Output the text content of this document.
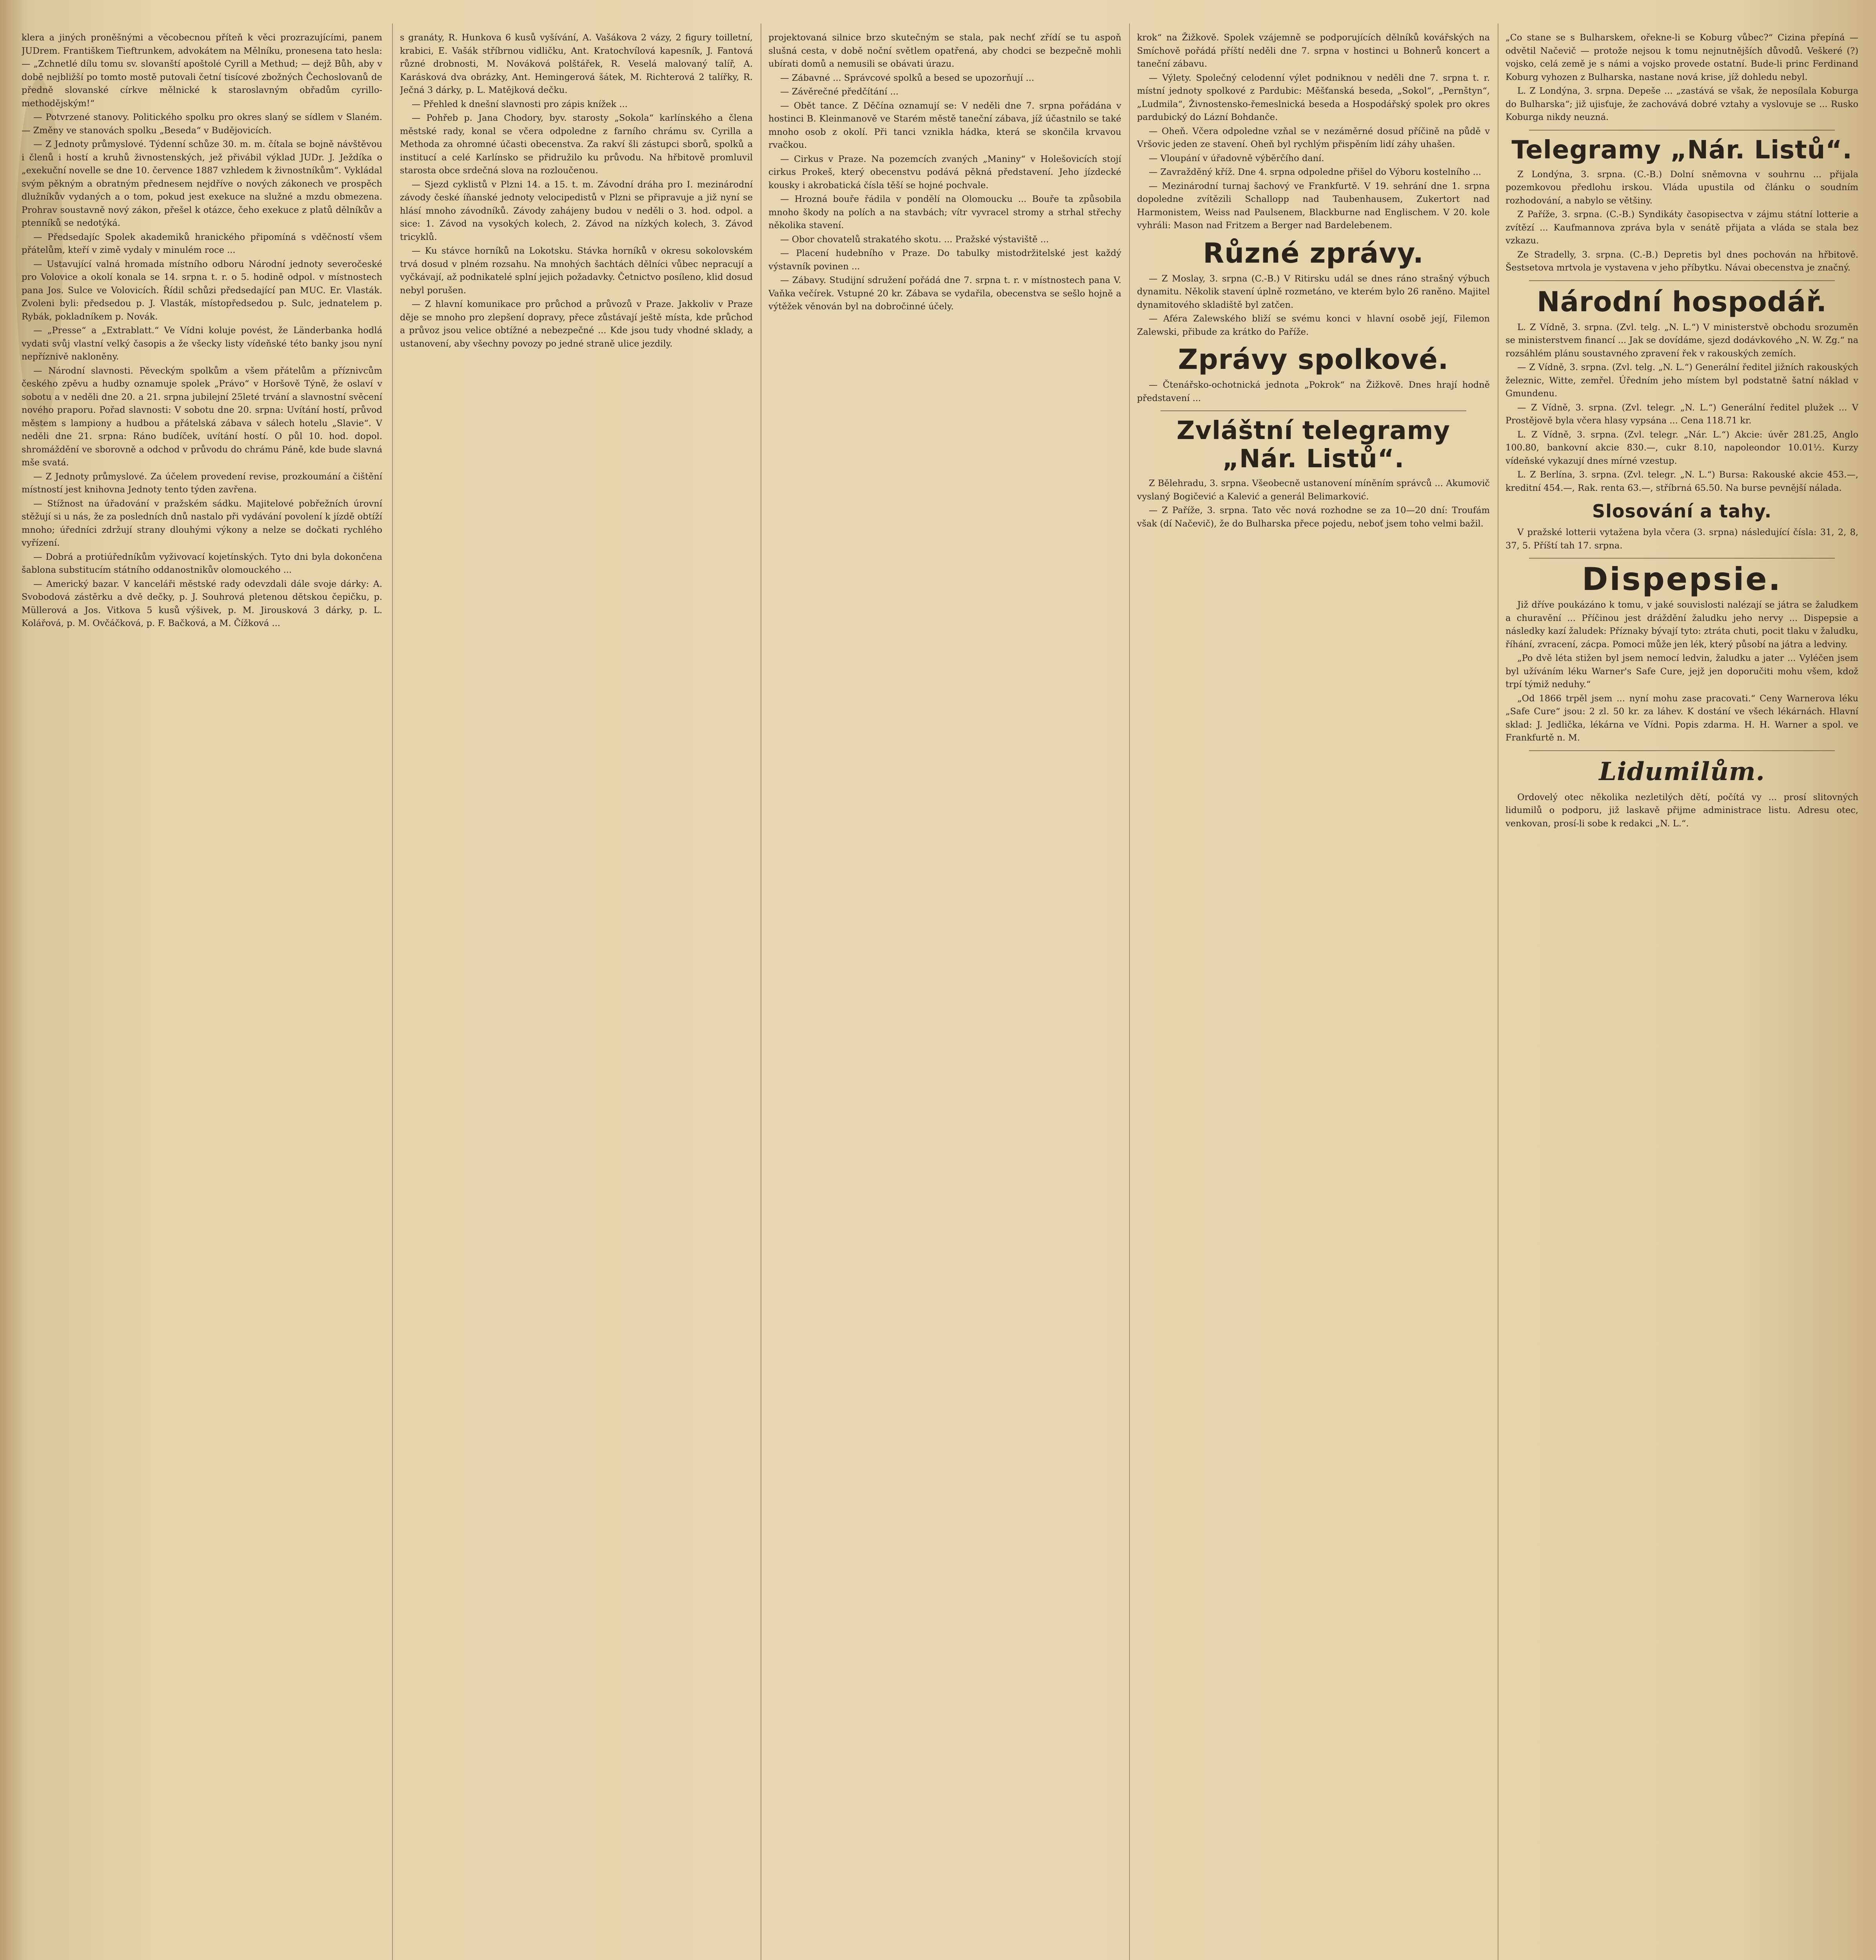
klera a jiných proněšnými a věcobecnou příteň k věci prozrazujícími, panem JUDrem. Františkem Tieftrunkem, advokátem na Mělníku, pronesena tato hesla: — „Zchnetlé dílu tomu sv. slovanští apoštolé Cyrill a Methud; — dejž Bůh, aby v době nejbližší po tomto mostě putovali četní tisícové zbožných Čechoslovanů de předně slovanské církve mělnické k staroslavným obřadům cyrillo-methodějským!“

— Potvrzené stanovy. Politického spolku pro okres slaný se sídlem v Slaném. — Změny ve stanovách spolku „Beseda“ v Budějovicích.

— Z Jednoty průmyslové. Týdenní schůze 30. m. m. čítala se bojně návštěvou i členů i hostí a kruhů živnostenských, jež přivábil výklad JUDr. J. Ježdíka o „exekuční novelle se dne 10. července 1887 vzhledem k živnostníkům“. Vykládal svým pěkným a obratným přednesem nejdříve o nových zákonech ve prospěch dlužníkův vydaných a o tom, pokud jest exekuce na služné a mzdu obmezena. Prohrav soustavně nový zákon, přešel k otázce, čeho exekuce z platů dělníkův a ptenníků se nedotýká.

— Předsedajíc Spolek akademiků hranického připomíná s vděčností všem přátelům, kteří v zimě vydaly v minulém roce ...

— Ustavující valná hromada místního odboru Národní jednoty severočeské pro Volovice a okolí konala se 14. srpna t. r. o 5. hodině odpol. v místnostech pana Jos. Sulce ve Volovicích. Řídil schůzi předsedající pan MUC. Er. Vlasták. Zvoleni byli: předsedou p. J. Vlasták, místopředsedou p. Sulc, jednatelem p. Rybák, pokladníkem p. Novák.

— „Presse“ a „Extrablatt.“ Ve Vídni koluje povést, že Länderbanka hodlá vydati svůj vlastní velký časopis a že všecky listy vídeňské této banky jsou nyní nepříznivě nakloněny.

— Národní slavnosti. Pěveckým spolkům a všem přátelům a příznivcům českého zpěvu a hudby oznamuje spolek „Právo“ v Horšově Týně, že oslaví v sobotu a v neděli dne 20. a 21. srpna jubilejní 25leté trvání a slavnostní svěcení nového praporu. Pořad slavnosti: V sobotu dne 20. srpna: Uvítání hostí, průvod městem s lampiony a hudbou a přátelská zábava v sálech hotelu „Slavie“. V neděli dne 21. srpna: Ráno budíček, uvítání hostí. O půl 10. hod. dopol. shromáždění ve sborovně a odchod v průvodu do chrámu Páně, kde bude slavná mše svatá.

— Z Jednoty průmyslové. Za účelem provedení revise, prozkoumání a čištění místností jest knihovna Jednoty tento týden zavřena.

— Stížnost na úřadování v pražském sádku. Majitelové pobřežních úrovní stěžují si u nás, že za posledních dnů nastalo při vydávání povolení k jízdě obtíží mnoho; úředníci zdržují strany dlouhými výkony a nelze se dočkati rychlého vyřízení.

— Dobrá a protiúředníkům vyživovací kojetínských. Tyto dni byla dokončena šablona substitucím státního oddanostnikův olomouckého ...

— Americký bazar. V kanceláři městské rady odevzdali dále svoje dárky: A. Svobodová zástěrku a dvě dečky, p. J. Souhrová pletenou dětskou čepičku, p. Müllerová a Jos. Vitkova 5 kusů výšivek, p. M. Jirousková 3 dárky, p. L. Kolářová, p. M. Ovčáčková, p. F. Bačková, a M. Čížková ...

s granáty, R. Hunkova 6 kusů vyšívání, A. Vašákova 2 vázy, 2 figury toilletní, krabici, E. Vašák stříbrnou vidličku, Ant. Kratochvílová kapesník, J. Fantová různé drobnosti, M. Nováková polštářek, R. Veselá malovaný talíř, A. Karásková dva obrázky, Ant. Hemingerová šátek, M. Richterová 2 talířky, R. Ječná 3 dárky, p. L. Matějková dečku.

— Přehled k dnešní slavnosti pro zápis knížek ...

— Pohřeb p. Jana Chodory, byv. starosty „Sokola“ karlínského a člena městské rady, konal se včera odpoledne z farního chrámu sv. Cyrilla a Methoda za ohromné účasti obecenstva. Za rakví šli zástupci sborů, spolků a institucí a celé Karlínsko se přidružilo ku průvodu. Na hřbitově promluvil starosta obce srdečná slova na rozloučenou.

— Sjezd cyklistů v Plzni 14. a 15. t. m. Závodní dráha pro I. mezinárodní závody české íňanské jednoty velocipedistů v Plzni se připravuje a již nyní se hlásí mnoho závodníků. Závody zahájeny budou v neděli o 3. hod. odpol. a sice: 1. Závod na vysokých kolech, 2. Závod na nízkých kolech, 3. Závod tricyklů.

— Ku stávce horníků na Lokotsku. Stávka horníků v okresu sokolovském trvá dosud v plném rozsahu. Na mnohých šachtách dělníci vůbec nepracují a vyčkávají, až podnikatelé splní jejich požadavky. Četnictvo posíleno, klid dosud nebyl porušen.

— Z hlavní komunikace pro průchod a průvozů v Praze. Jakkoliv v Praze děje se mnoho pro zlepšení dopravy, přece zůstávají ještě místa, kde průchod a průvoz jsou velice obtížné a nebezpečné ... Kde jsou tudy vhodné sklady, a ustanovení, aby všechny povozy po jedné straně ulice jezdily.

projektovaná silnice brzo skutečným se stala, pak nechť zřídí se tu aspoň slušná cesta, v době noční světlem opatřená, aby chodci se bezpečně mohli ubírati domů a nemusili se obávati úrazu.

— Zábavné ... Správcové spolků a besed se upozorňují ...

— Závěrečné předčítání ...

— Obět tance. Z Děčína oznamují se: V neděli dne 7. srpna pořádána v hostinci B. Kleinmanově ve Starém městě taneční zábava, jíž účastnilo se také mnoho osob z okolí. Při tanci vznikla hádka, která se skončila krvavou rvačkou.

— Cirkus v Praze. Na pozemcích zvaných „Maniny“ v Holešovicích stojí cirkus Prokeš, který obecenstvu podává pěkná představení. Jeho jízdecké kousky i akrobatická čísla těší se hojné pochvale.

— Hrozná bouře řádila v pondělí na Olomoucku ... Bouře ta způsobila mnoho škody na polích a na stavbách; vítr vyvracel stromy a strhal střechy několika stavení.

— Obor chovatelů strakatého skotu. ... Pražské výstaviště ...

— Placení hudebního v Praze. Do tabulky mistodržitelské jest každý výstavník povinen ...

— Zábavy. Studijní sdružení pořádá dne 7. srpna t. r. v místnostech pana V. Vaňka večírek. Vstupné 20 kr. Zábava se vydařila, obecenstva se sešlo hojně a výtěžek věnován byl na dobročinné účely.

krok“ na Žižkově. Spolek vzájemně se podporujících dělníků kovářských na Smíchově pořádá příští neděli dne 7. srpna v hostinci u Bohnerů koncert a taneční zábavu.

— Výlety. Společný celodenní výlet podniknou v neděli dne 7. srpna t. r. místní jednoty spolkové z Pardubic: Měšťanská beseda, „Sokol“, „Pernštyn“, „Ludmila“, Živnostensko-řemeslnická beseda a Hospodářský spolek pro okres pardubický do Lázní Bohdanče.

— Oheň. Včera odpoledne vzňal se v nezáměrné dosud příčině na půdě v Vršovic jeden ze stavení. Oheň byl rychlým přispěním lidí záhy uhašen.

— Vloupání v úřadovně výběrčího daní.

— Zavražděný kříž. Dne 4. srpna odpoledne přišel do Výboru kostelního ...

— Mezinárodní turnaj šachový ve Frankfurtě. V 19. sehrání dne 1. srpna dopoledne zvítězili Schallopp nad Taubenhausem, Zukertort nad Harmonistem, Weiss nad Paulsenem, Blackburne nad Englischem. V 20. kole vyhráli: Mason nad Fritzem a Berger nad Bardelebenem.

Různé zprávy.

— Z Moslay, 3. srpna (C.-B.) V Ritirsku udál se dnes ráno strašný výbuch dynamitu. Několik stavení úplně rozmetáno, ve kterém bylo 26 raněno. Majitel dynamitového skladiště byl zatčen.

— Aféra Zalewského bliží se svému konci v hlavní osobě její, Filemon Zalewski, přibude za krátko do Paříže.

Zprávy spolkové.

— Čtenářsko-ochotnická jednota „Pokrok“ na Žižkově. Dnes hrají hodně představení ...

Zvláštní telegramy „Nár. Listů“.

Z Bělehradu, 3. srpna. Všeobecně ustanovení míněním správců ... Akumovič vyslaný Bogičević a Kalević a generál Belimarković.

— Z Paříže, 3. srpna. Tato věc nová rozhodne se za 10—20 dní: Troufám však (dí Načevič), že do Bulharska přece pojedu, neboť jsem toho velmi bažil.

„Co stane se s Bulharskem, ořekne-li se Koburg vůbec?“ Cizina přepíná — odvětil Načevič — protože nejsou k tomu nejnutnějších důvodů. Veškeré (?) vojsko, celá země je s námi a vojsko provede ostatní. Bude-li princ Ferdinand Koburg vyhozen z Bulharska, nastane nová krise, jíž dohledu nebyl.

L. Z Londýna, 3. srpna. Depeše ... „zastává se však, že neposílala Koburga do Bulharska“; již ujisťuje, že zachovává dobré vztahy a vyslovuje se ... Rusko Koburga nikdy neuzná.

Telegramy „Nár. Listů“.

Z Londýna, 3. srpna. (C.-B.) Dolní sněmovna v souhrnu ... přijala pozemkovou předlohu irskou. Vláda upustila od článku o soudním rozhodování, a nabylo se většiny.

Z Paříže, 3. srpna. (C.-B.) Syndikáty časopisectva v zájmu státní lotterie a zvítězí ... Kaufmannova zpráva byla v senátě přijata a vláda se stala bez vzkazu.

Ze Stradelly, 3. srpna. (C.-B.) Depretis byl dnes pochován na hřbitově. Šestsetova mrtvola je vystavena v jeho příbytku. Návai obecenstva je značný.

Národní hospodář.

L. Z Vídně, 3. srpna. (Zvl. telg. „N. L.“) V ministerstvě obchodu srozuměn se ministerstvem financí ... Jak se dovídáme, sjezd dodávkového „N. W. Zg.“ na rozsáhlém plánu soustavného zpravení řek v rakouských zemích.

— Z Vídně, 3. srpna. (Zvl. telg. „N. L.“) Generální ředitel jižních rakouských železnic, Witte, zemřel. Úředním jeho místem byl podstatně šatní náklad v Gmundenu.

— Z Vídně, 3. srpna. (Zvl. telegr. „N. L.“) Generální ředitel plužek ... V Prostějově byla včera hlasy vypsána ... Cena 118.71 kr.

L. Z Vídně, 3. srpna. (Zvl. telegr. „Nár. L.“) Akcie: úvěr 281.25, Anglo 100.80, bankovní akcie 830.—, cukr 8.10, napoleondor 10.01½. Kurzy vídeňské vykazují dnes mírné vzestup.

L. Z Berlína, 3. srpna. (Zvl. telegr. „N. L.“) Bursa: Rakouské akcie 453.—, kreditní 454.—, Rak. renta 63.—, stříbrná 65.50. Na burse pevnější nálada.

Slosování a tahy.

V pražské lotterii vytažena byla včera (3. srpna) následující čísla: 31, 2, 8, 37, 5. Příští tah 17. srpna.

Dispepsie.

Již dříve poukázáno k tomu, v jaké souvislosti nalézají se játra se žaludkem a churavění ... Příčinou jest dráždění žaludku jeho nervy ... Dispepsie a následky kazí žaludek: Příznaky bývají tyto: ztráta chuti, pocit tlaku v žaludku, říhání, zvracení, zácpa. Pomoci může jen lék, který působí na játra a ledviny.

„Po dvě léta stižen byl jsem nemocí ledvin, žaludku a jater ... Vyléčen jsem byl užíváním léku Warner's Safe Cure, jejž jen doporučiti mohu všem, kdož trpí týmiž neduhy.“

„Od 1866 trpěl jsem ... nyní mohu zase pracovati.“ Ceny Warnerova léku „Safe Cure“ jsou: 2 zl. 50 kr. za láhev. K dostání ve všech lékárnách. Hlavní sklad: J. Jedlička, lékárna ve Vídni. Popis zdarma. H. H. Warner a spol. ve Frankfurtě n. M.

Lidumilům.

Ordovelý otec několika nezletilých dětí, počítá vy ... prosí slitovných lidumilů o podporu, již laskavě přijme administrace listu. Adresu otec, venkovan, prosí-li sobe k redakci „N. L.“.
